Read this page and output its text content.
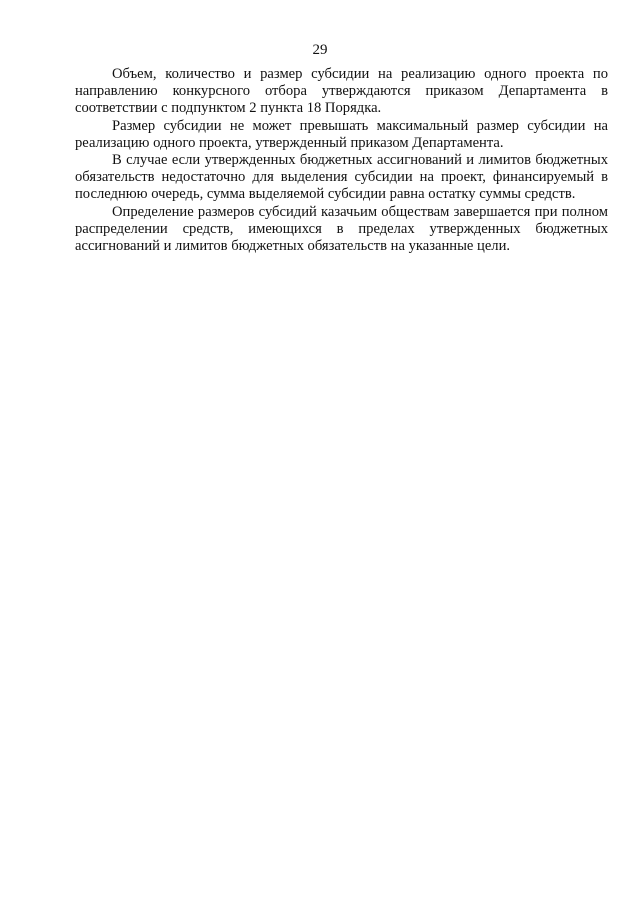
29

Объем, количество и размер субсидии на реализацию одного проекта по направлению конкурсного отбора утверждаются приказом Департамента в соответствии с подпунктом 2 пункта 18 Порядка.

Размер субсидии не может превышать максимальный размер субсидии на реализацию одного проекта, утвержденный приказом Департамента.

В случае если утвержденных бюджетных ассигнований и лимитов бюджетных обязательств недостаточно для выделения субсидии на проект, финансируемый в последнюю очередь, сумма выделяемой субсидии равна остатку суммы средств.

Определение размеров субсидий казачьим обществам завершается при полном распределении средств, имеющихся в пределах утвержденных бюджетных ассигнований и лимитов бюджетных обязательств на указанные цели.
